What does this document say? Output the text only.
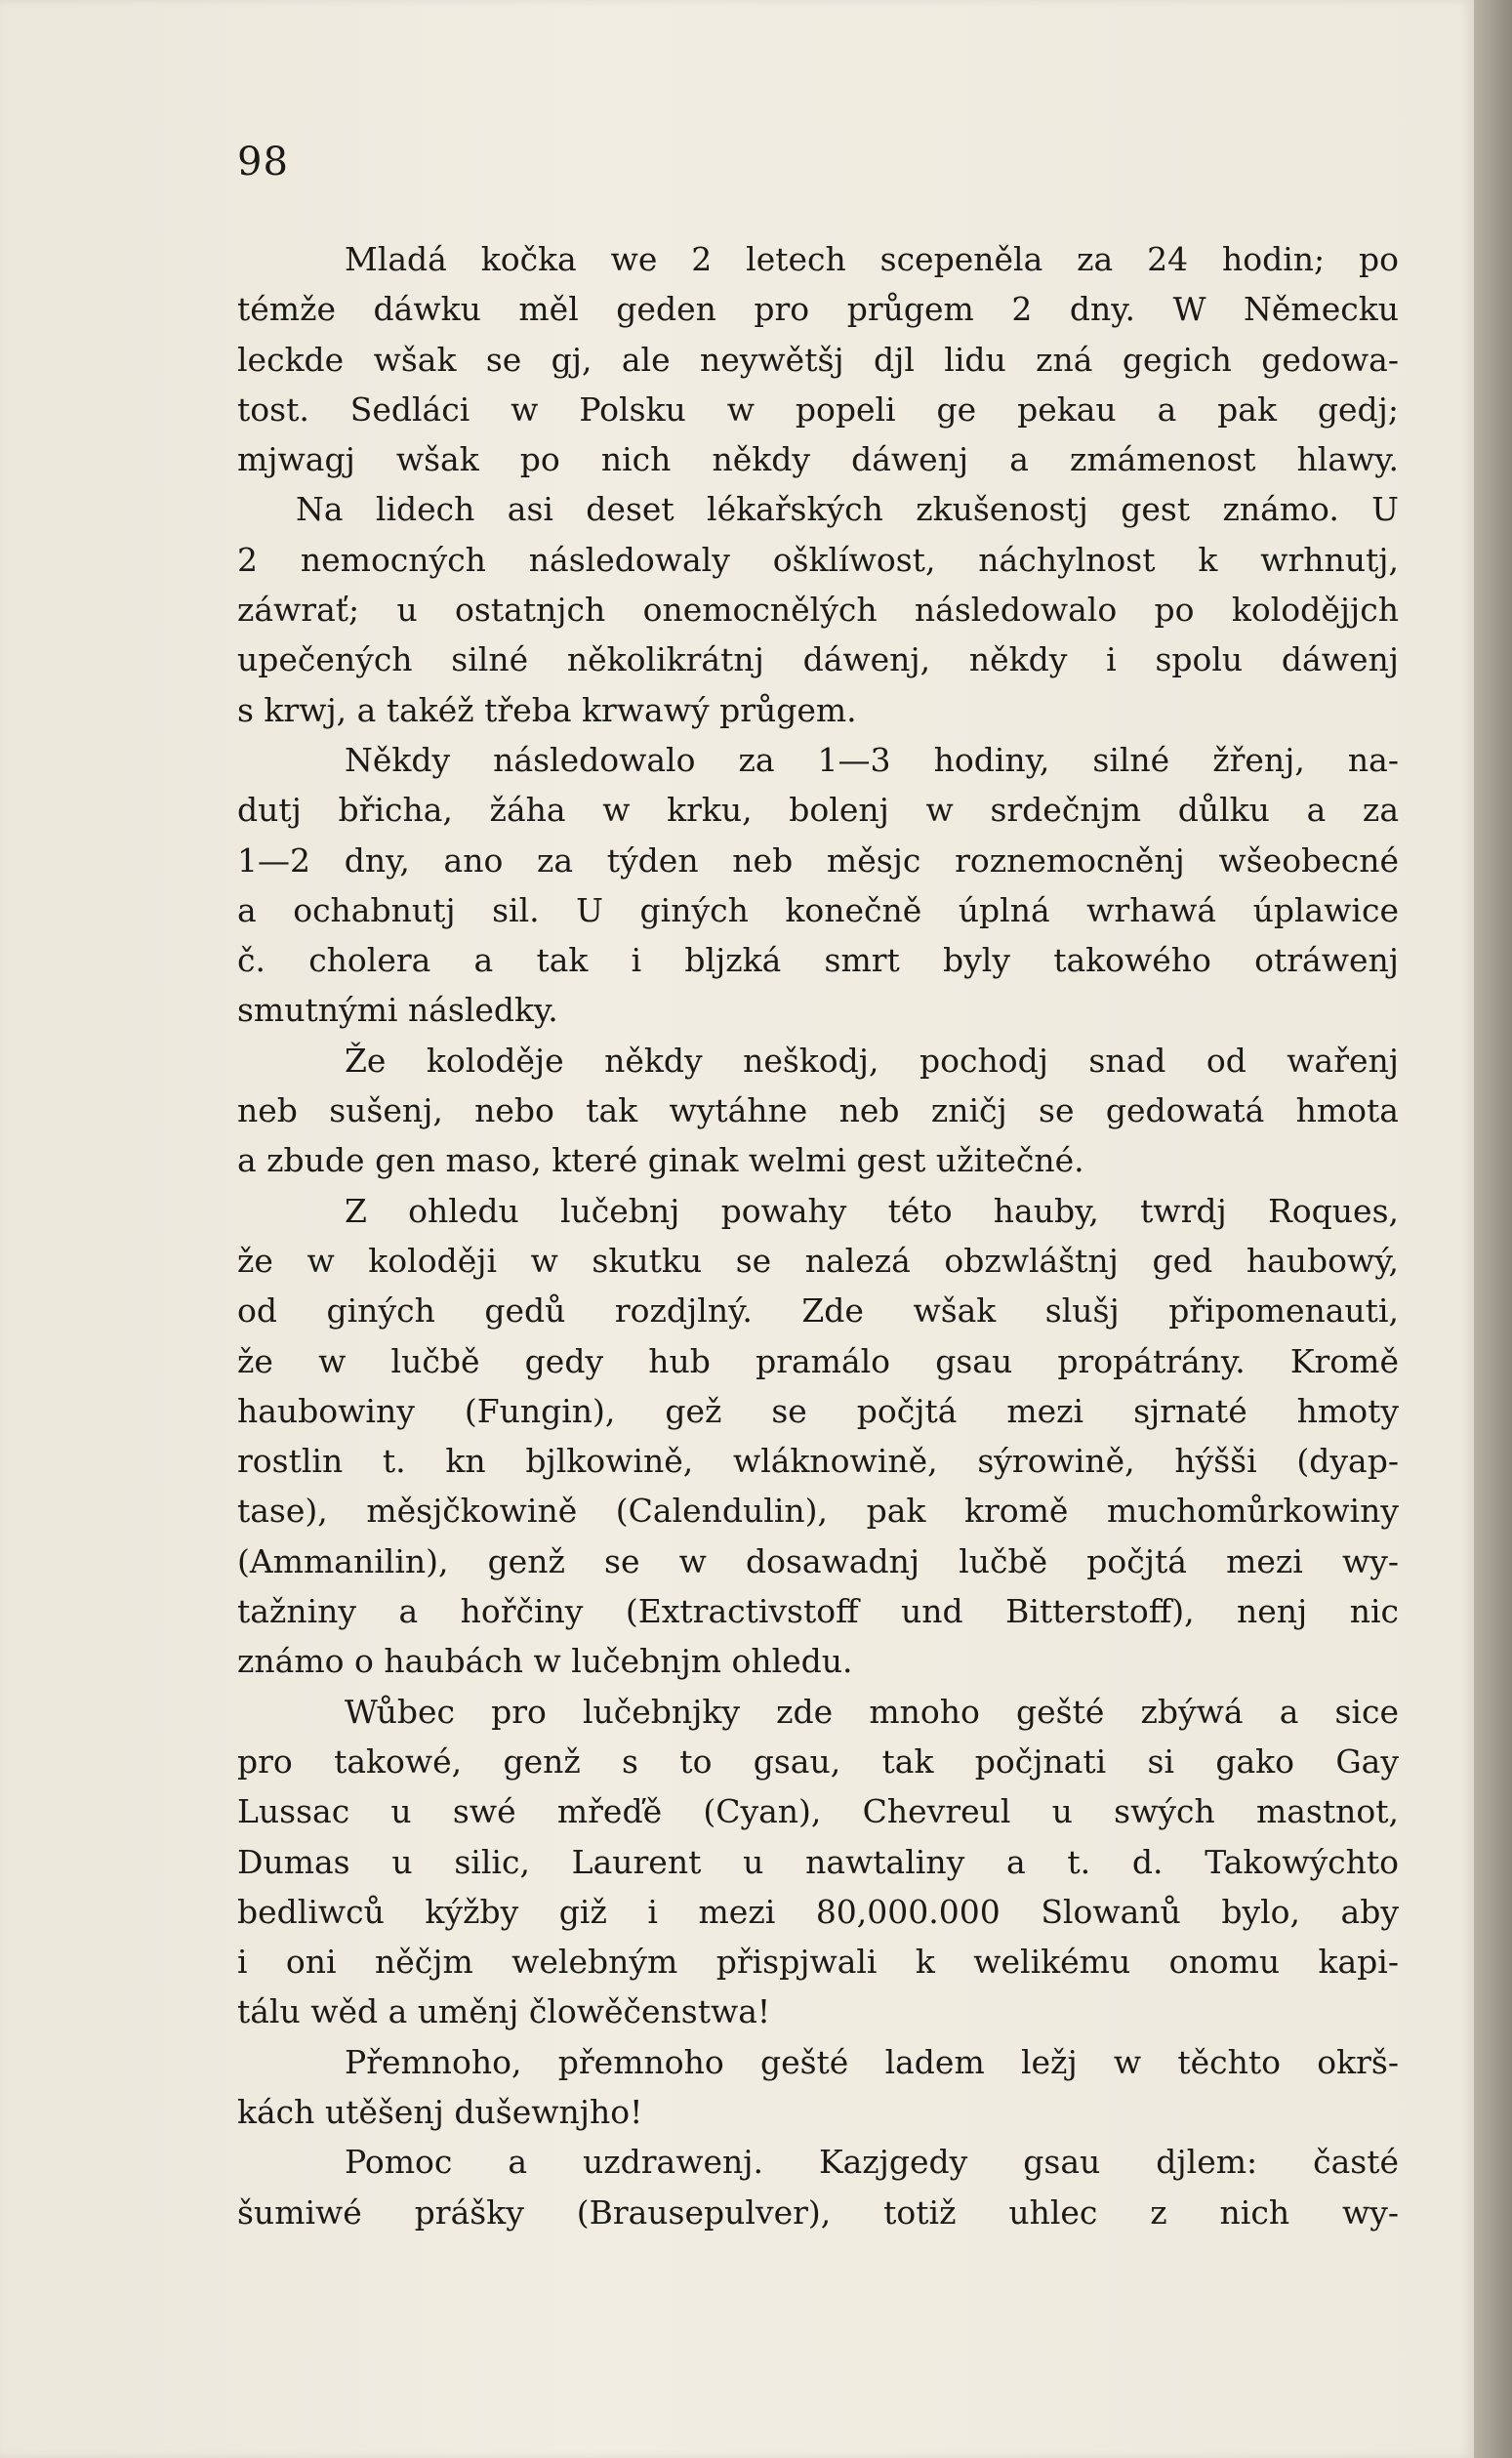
98
Mladá kočka we 2 letech scepeněla za 24 hodin; po
témže dáwku měl geden pro průgem 2 dny. W Německu
leckde wšak se gj, ale neywětšj djl lidu zná gegich gedowa-
tost. Sedláci w Polsku w popeli ge pekau a pak gedj;
mjwagj wšak po nich někdy dáwenj a zmámenost hlawy.
Na lidech asi deset lékařských zkušenostj gest známo. U
2 nemocných následowaly ošklíwost, náchylnost k wrhnutj,
záwrať; u ostatnjch onemocnělých následowalo po kolodějjch
upečených silné několikrátnj dáwenj, někdy i spolu dáwenj
s krwj, a takéž třeba krwawý průgem.
Někdy následowalo za 1—3 hodiny, silné žřenj, na-
dutj břicha, žáha w krku, bolenj w srdečnjm důlku a za
1—2 dny, ano za týden neb měsjc roznemocněnj wšeobecné
a ochabnutj sil. U giných konečně úplná wrhawá úplawice
č. cholera a tak i bljzká smrt byly takowého otráwenj
smutnými následky.
Že kolodějе někdy neškodj, pochodj snad od wařenj
neb sušenj, nebo tak wytáhne neb zničj se gedowatá hmota
a zbude gen maso, které ginak welmi gest užitečné.
Z ohledu lučebnj powahy této hauby, twrdj Roques,
že w kolodějі w skutku se nalezá obzwláštnj ged haubowý,
od giných gedů rozdjlný. Zde wšak slušj připomenauti,
že w lučbě gedy hub pramálo gsau propátrány. Kromě
haubowiny (Fungin), gež se počjtá mezi sjrnaté hmoty
rostlin t. kn bjlkowině, wláknowině, sýrowině, hýšši (dyap-
tase), měsjčkowině (Calendulin), pak kromě muchomůrkowiny
(Ammanilin), genž se w dosawadnj lučbě počjtá mezi wy-
tažniny a hořčiny (Extractivstoff und Bitterstoff), nenj nic
známo o haubách w lučebnjm ohledu.
Wůbec pro lučebnjky zde mnoho gešté zbýwá a sice
pro takowé, genž s to gsau, tak počjnati si gako Gay
Lussac u swé mřeďě (Cyan), Chevreul u swých mastnot,
Dumas u silic, Laurent u nawtaliny a t. d. Takowýchto
bedliwců kýžby giž i mezi 80,000.000 Slowanů bylo, aby
i oni něčjm welebným přispjwali k welikému onomu kapi-
tálu wěd a uměnj člowěčenstwa!
Přemnoho, přemnoho gešté ladem ležj w těchto okrš-
kách utěšenj dušewnjho!
Pomoc a uzdrawenj. Kazjgedy gsau djlem: časté
šumiwé prášky (Brausepulver), totiž uhlec z nich wy-
